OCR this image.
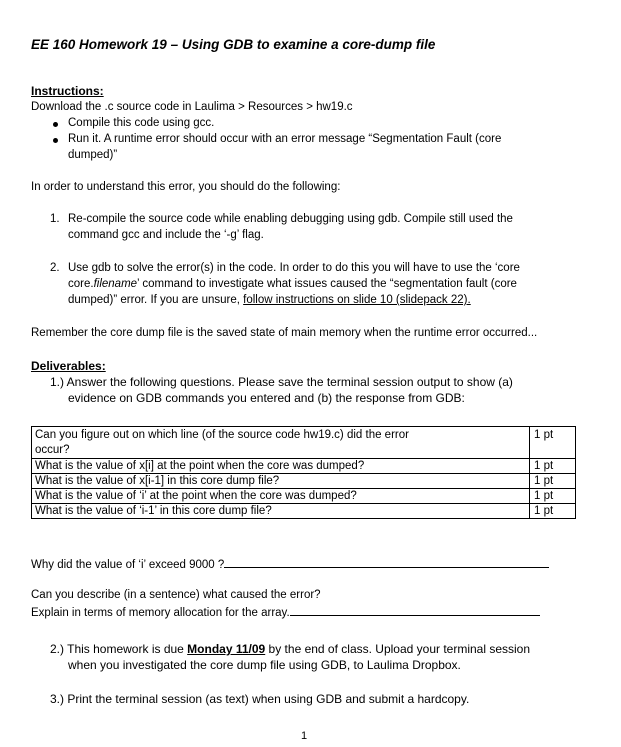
EE 160 Homework 19 – Using GDB to examine a core-dump file
Instructions:
Download the .c source code in Laulima > Resources > hw19.c
Compile this code using gcc.
Run it. A runtime error should occur with an error message “Segmentation Fault (core
dumped)”
In order to understand this error, you should do the following:
1. Re-compile the source code while enabling debugging using gdb. Compile still used the
command gcc and include the ‘-g’ flag.
2. Use gdb to solve the error(s) in the code. In order to do this you will have to use the ‘core
core.filename’ command to investigate what issues caused the “segmentation fault (core
dumped)” error. If you are unsure, follow instructions on slide 10 (slidepack 22).
Remember the core dump file is the saved state of main memory when the runtime error occurred...
Deliverables:
1.) Answer the following questions. Please save the terminal session output to show (a)
evidence on GDB commands you entered and (b) the response from GDB:
Can you figure out on which line (of the source code hw19.c) did the error
occur?	1 pt
What is the value of x[i] at the point when the core was dumped?	1 pt
What is the value of x[i-1] in this core dump file?	1 pt
What is the value of ‘i’ at the point when the core was dumped?	1 pt
What is the value of ‘i-1’ in this core dump file?	1 pt
Why did the value of ‘i’ exceed 9000 ?
Can you describe (in a sentence) what caused the error?
Explain in terms of memory allocation for the array.
2.) This homework is due Monday 11/09 by the end of class. Upload your terminal session
when you investigated the core dump file using GDB, to Laulima Dropbox.
3.) Print the terminal session (as text) when using GDB and submit a hardcopy.
1
